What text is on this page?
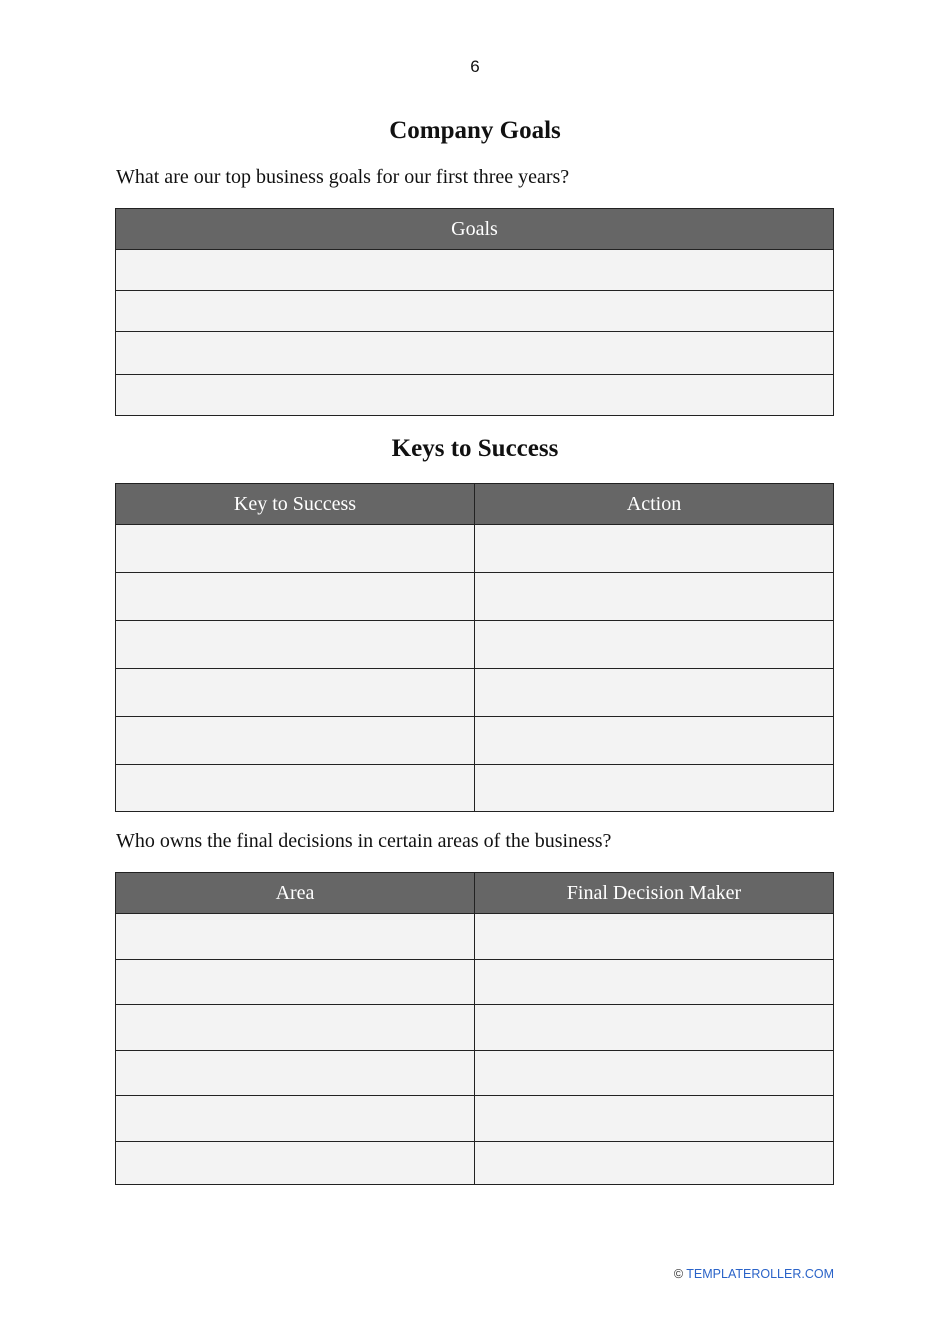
6
Company Goals
What are our top business goals for our first three years?
Goals

Keys to Success
Key to Success	Action

Who owns the final decisions in certain areas of the business?
Area	Final Decision Maker

© TEMPLATEROLLER.COM
